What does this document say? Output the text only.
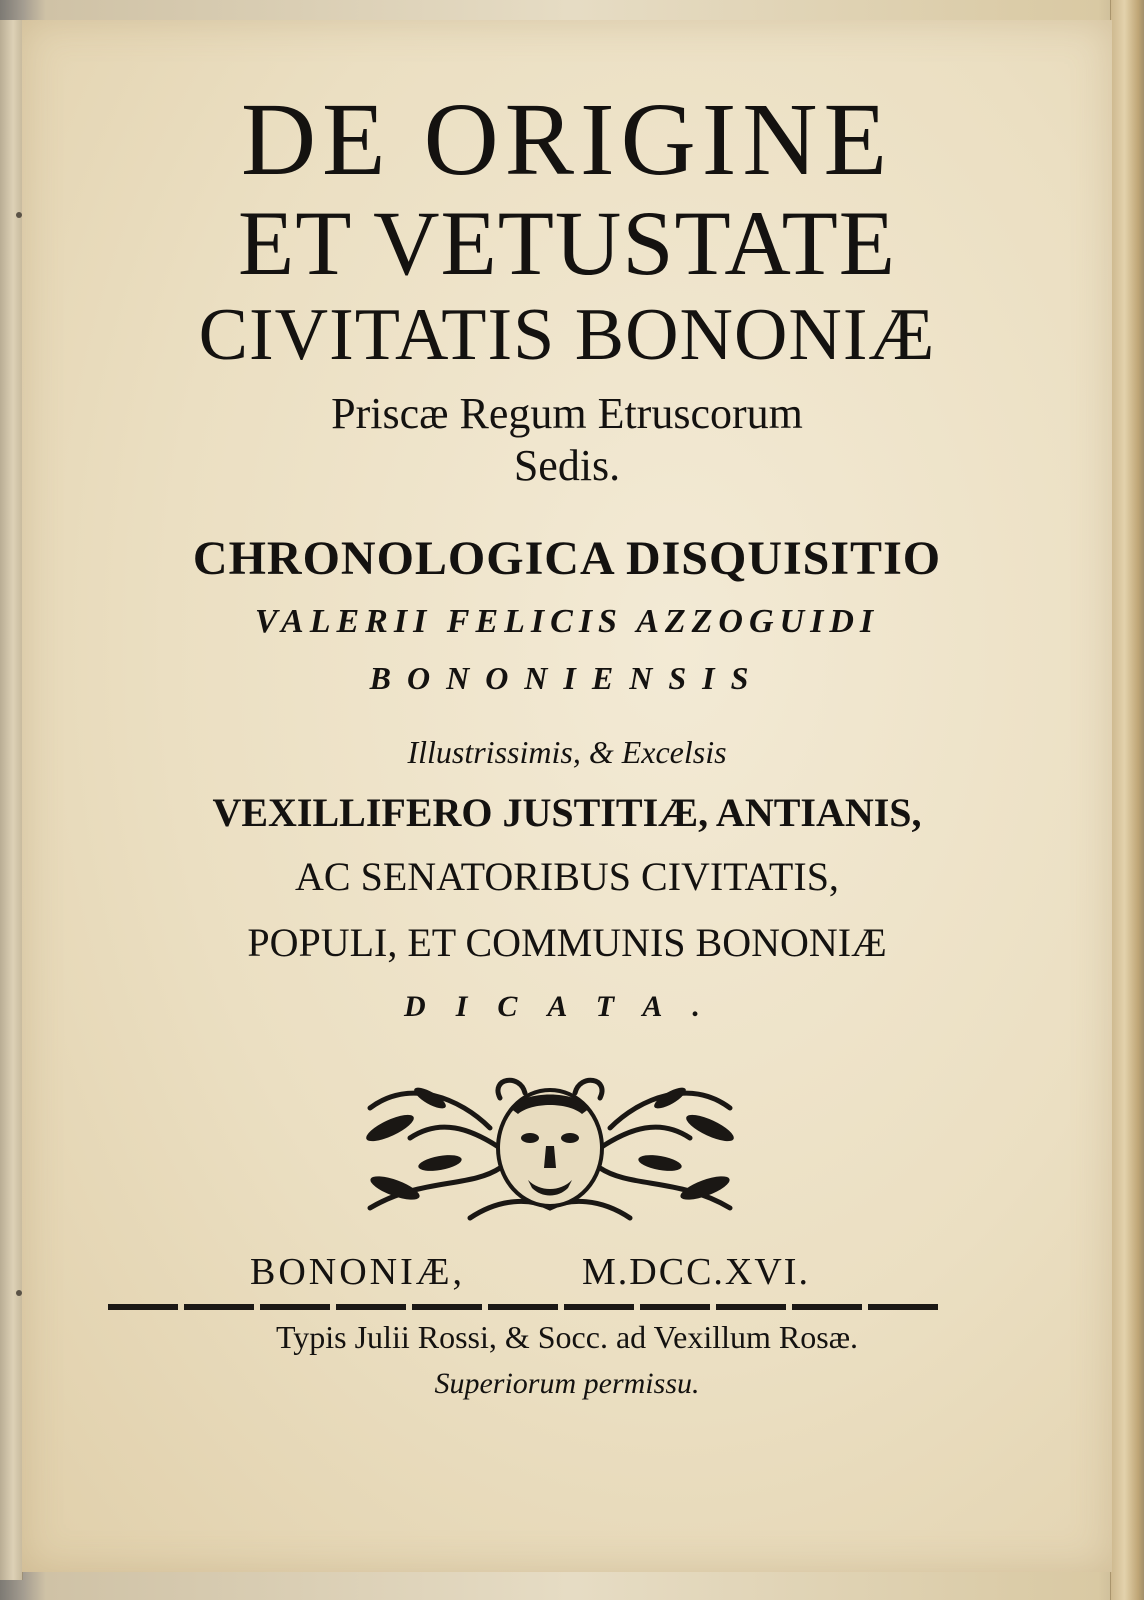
DE ORIGINE
ET VETUSTATE
CIVITATIS BONONIÆ
Priscæ Regum Etruscorum
Sedis.
CHRONOLOGICA DISQUISITIO
VALERII FELICIS AZZOGUIDI
BONONIENSIS
Illustrissimis, & Excelsis
VEXILLIFERO JUSTITIÆ, ANTIANIS,
AC SENATORIBUS CIVITATIS,
POPULI, ET COMMUNIS BONONIÆ
DICATA.
BONONIÆ,	M.DCC.XVI.
Typis Julii Rossi, & Socc. ad Vexillum Rosæ.
Superiorum permissu.
